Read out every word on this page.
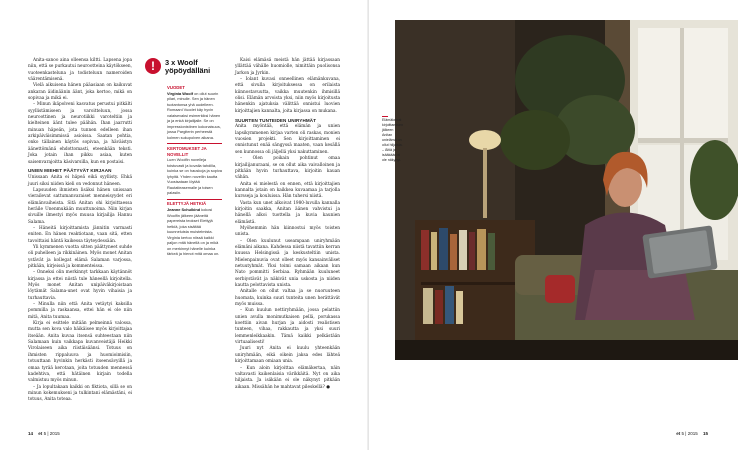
Anita-sanoo aina olleensa kiltti. Lapsena jopa niin, että se purkautui neurootteina käytökseen, vuoteenkasteluna ja todisteluun nameroiden väärentämisenä.

Vielä aikuisena hänen pääasiaan on kaikuvat ankaran äidinäänin äänt, joka kertoo, mikä on sopivaa ja mikä ei.

– Minun ikäpolveni kasvatus perustui pitkälti syyllistämiseen ja varoitteluun, jossa neuroottinen ja neurotiikki varoteltiin ja kielteinen äänt tulee päähän. Ihan jaarrutti minuan häpeän, jota tunnen edelleen ihan arkipäiväisimmissä asioissa. Saatan pohtia, onko tällainen käytös sopivaa, ja häväistyn äänettömänä ehdottomasti, eteenkään teksti. Joka jotain ihan pikku asiaa, kuten saisenvarajoitta käsivarsilla, kun en postaisi.

UNIEN MIEHET PÄÄTYVÄT KIRJAAN

Unissaan Anita ei häpeä eikä syyllisty. Ehkä juuri siksi niiden kieli on vedonnut häneen.

Lapsuuden ihmisten lisäksi hänen unissaan vierailevat sattumanvaraiset menneisyydet eri elämänvaiheista. Sitä Anitan ohi kirjoittaessa heräile Unenmukään muuttunoima. Niin kirjan sivuille ilmestyi myös muusa kirjailija Hannu Salama.

– Häneitä kirjoittamista jännitin varmasti eniten. En hänen reaktiotaan, vaan sitä, etten tavoittaisi häntä kaikessa täyteydessään.

Yli kymmenen vuotta sitten päättyneet suhde oli puhelleen ja rikkinäinen. Myös monet Anitan ystävät ja kollegat elämä Salaman varjossa, pitkään, kirjeissä ja kommenteissa.

– Onneksi olin merkinnyt tarkkaan käytännöt kirjassa ja ettei niistä tule häneellä kirjoitella. Myös monet Anitan unipäiväkirjoistaan löytämät Salama-unet ovat hyvin vihaisia ja turhauttavia.

– Minulla niin että Anita vetäytyi kaksilla pommilla ja raskaansa, ettei hän ei ole niin mitä, Anita tuumaa.

Kirja ei esittele mitään pelmeinnä valossa, mutta sen kova valo häikäisee myös kirjoittajaa itseään. Anita kuvaa itsensä suhteestaan niin Salamaan kuin vaikkapa kuvanveistäjä Heikki Virolaiseen aika riistäisäänsi. Totuus on ihmisten rippaluuva ja huomioimisiin, totuuttaan hyvinkin herkästi itseensävyillä ja omaa tyrää kerotaan, joita totuuden mennessä kadehtiva, että hätäinen kirjain todella valmistuu myös minun.

– Ja lopultakaan kaikki on fiktiota, sillä se on minun kokemukseni ja tulkintani elämästäni, ei totuus, Anita toteaa.

Kaisi elämäsä meistä hän jättää kirjassaan yllättää vähälle huomiolle, nimittäin puolisonsa Jarkon ja Jyrkin.

– Iolant kuvasi onneellinen elämänkuvana, että sivulla kirjoituksessa on erilaista kiinnostavuutta, vaikka muutenkin ihmisillä olisi. Elämän arvoista yksi, niin myös kirjoitusta hänenkin ajatuksia välittää onnistui luovien kirjoittajien kannalta, joita kirjassa on mukana.

SUURTEN TUNTEIDEN UNIRYHMÄT

Anita myöntää, että elämän ja unien lapsikymmenen kirjaa varten oli raskas, monien vuosien projekti. Sen kirjoittaminen ei onnistunut enää sängyssä maaten, vaan kesällä sen kunnossa oli jäljellä yksi nakuttaminen.

– Olen poikain pohtinut omaa kirjailijanuraani, se on ollut aika vaivalloinen ja pitkään hyvin turhauttava, kirjoitin kauan vähän.

Anita ei mielestä on ennen, että kirjoittajien kannalta jotain on kaikkea kuvaamaa ja tarjolla kursseja ja kouluissa. Hän tuhersi niistä.

Vasta kun unet alkoivat 1980-luvulla kannalla kirjoitin saakka, Anitan äänen vahvistui ja hänellä alkoi tuottella ja kuvia kaunien elämästä.

Myöhemmin hän kiinnostui myös toisten unista.

– Olen kuulunut useampaan uniryhmään elämäni aikana. Kahdessa niistä tavattiin kerran kuussa Helsingissä ja keskusteltiin unista. Mielenpainuvia ovat olleet myös kansainväliset netuutyhmät. Yksi toimi samaan aikaan kun Nato pommitti Serbiaa. Ryhmään kuuluneet serbiystävät ja näkivät unia uskosta ja niiden kautta pelottavista unista.

Anitalle on ollut valtaa ja se nuoruuteen huomata, kuinka suuri tunteita unen herättävät myös muissa.

– Kun kuulun nettiryhmään, jossa pelattiin unien avulla monimutkaisen pellä, porukassa koettiin aivan hurjan ja aidosti realistisen tunteen, vihaa, rakkautta ja yksi suuri lemmenleikkaakin. Tämä kaikki pelkästään virtuaalisesti!

Juuri nyt Anita ei kuulu yhteenkään uniryhmään, eikä oikein jaksa edes lähteä kirjoittamaan omiaan unia.

– Kun aloin kirjoittaa elämäkertaa, näin valtavasti kaikenlaisia värikkäitä. Nyt on aika hiljaista. Ja isäkään ei ole näkynyt pitkään aikaan. Missähän he mahtavat pileskellä? ●

!	3 x Woolf yöpöydälläni
VUODET

Virginia Woolf on ollut suurin pilari, minulle. Sen ja hänen tuotantonsa yhä uudelleen. Romaani Vuodet käy hyvin valaisevaksi esimerkiksi hänen ja ja enkä kirjailijalle. Se on impressionistinen kokonaisuus, jossa Pargiterin perheestä kolmen sukupolven aikana.

KERTOMUKSET JA NOVELLIT

Luen Woolfin novelleja toistuvasti ja kovalla tahdilla, kuinka se on hauskoja ja sopiva lyhyitä. Yhden novellin kautta Vuosisataan löytää Rautatieasemalle ja toisen palasiin.

ELETTYJÄ HETKIÄ

Jeanne Schulkind kokosi Woolfin jälkeen jääneitä papereista teokset Elettyjä hetkiä, joka sisältää kuunneluista muistelmista. Virginia kertoo niissä kaikki paljon mitä hänellä on ja mikä on merkinnyt hänelle kuinka tärkeä ja hienot mitä omaa on.

14 et 5 | 2015
Elämäkerrat kirjoittamisen jälkeen Anitan unielämä on ollut hiljaista. – Äitiä ja isääkään ei ole näkynyt.
et 5 | 2015 15
